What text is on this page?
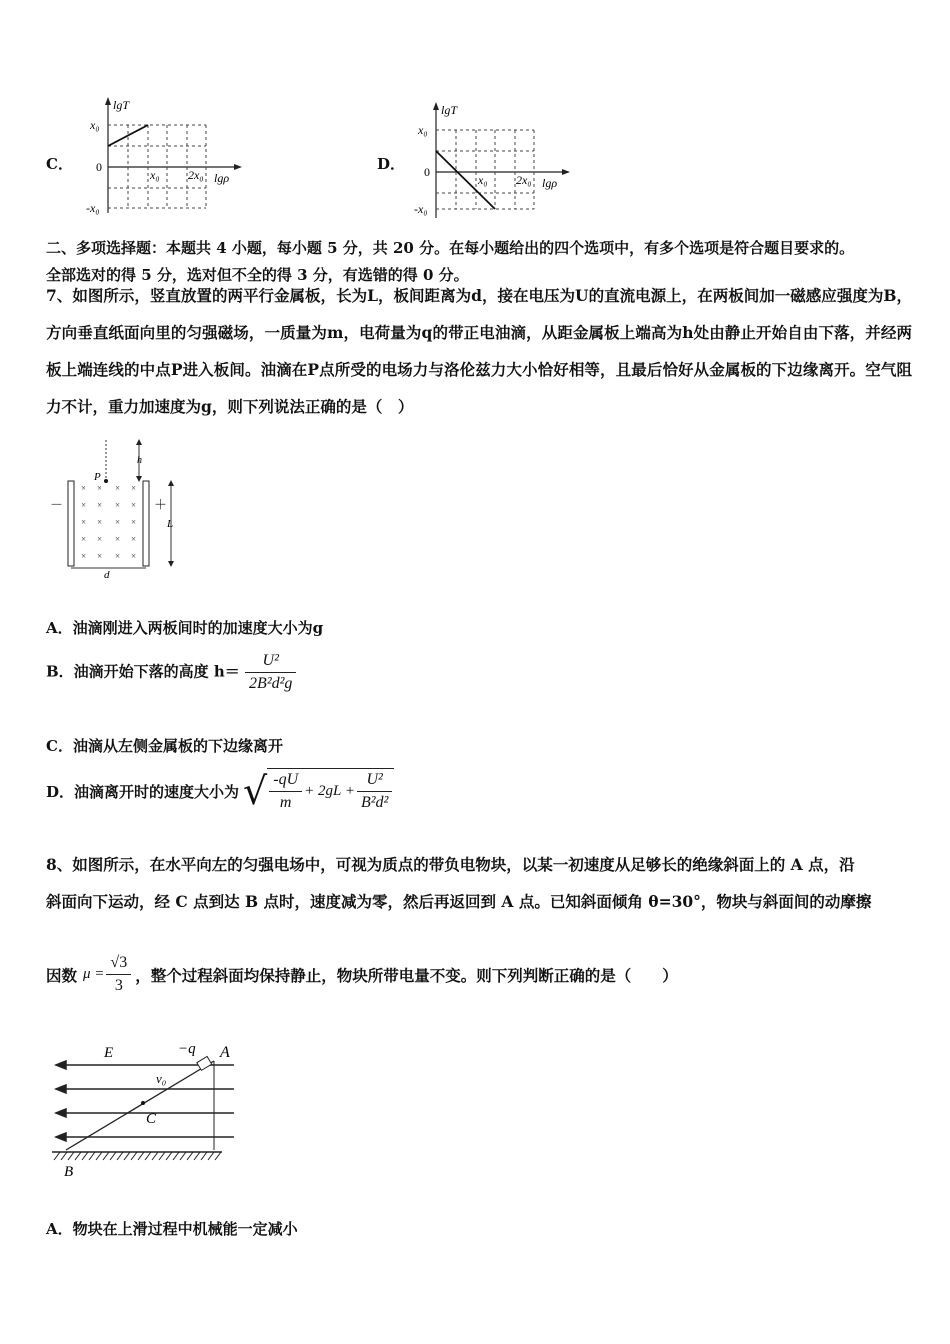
C．
lgT
x₀
0
-x₀
x₀ 2x₀ lgρ
D．
lgT
x₀
0
-x₀
x₀ 2x₀ lgρ
二、多项选择题：本题共 4 小题，每小题 5 分，共 20 分。在每小题给出的四个选项中，有多个选项是符合题目要求的。
全部选对的得 5 分，选对但不全的得 3 分，有选错的得 0 分。
7、如图所示，竖直放置的两平行金属板，长为L，板间距离为d，接在电压为U的直流电源上，在两板间加一磁感应强度为B，方向垂直纸面向里的匀强磁场，一质量为m，电荷量为q的带正电油滴，从距金属板上端高为h处由静止开始自由下落，并经两板上端连线的中点P进入板间。油滴在P点所受的电场力与洛伦兹力大小恰好相等，且最后恰好从金属板的下边缘离开。空气阻力不计，重力加速度为g，则下列说法正确的是（　）
－	＋
P
h
L
d
× × × ×
× × × ×
× × × ×
× × × ×
× × × ×
A．油滴刚进入两板间时的加速度大小为g
B．油滴开始下落的高度 $h= \frac{\text{U²}}{\text{2B²d²g}}$
C．油滴从左侧金属板的下边缘离开
D．油滴离开时的速度大小为 √ $\frac{-qU}{m} + 2gL + \frac{\text{U²}}{\text{B²d²}}$
8、如图所示，在水平向左的匀强电场中，可视为质点的带负电物块，以某一初速度从足够长的绝缘斜面上的 A 点，沿
斜面向下运动，经 C 点到达 B 点时，速度减为零，然后再返回到 A 点。已知斜面倾角 θ=30°，物块与斜面间的动摩擦
因数 $\mu = \frac{√3}{3}$ ，整个过程斜面均保持静止，物块所带电量不变。则下列判断正确的是（　　）
E	−q A
v₀
C
B
A．物块在上滑过程中机械能一定减小
